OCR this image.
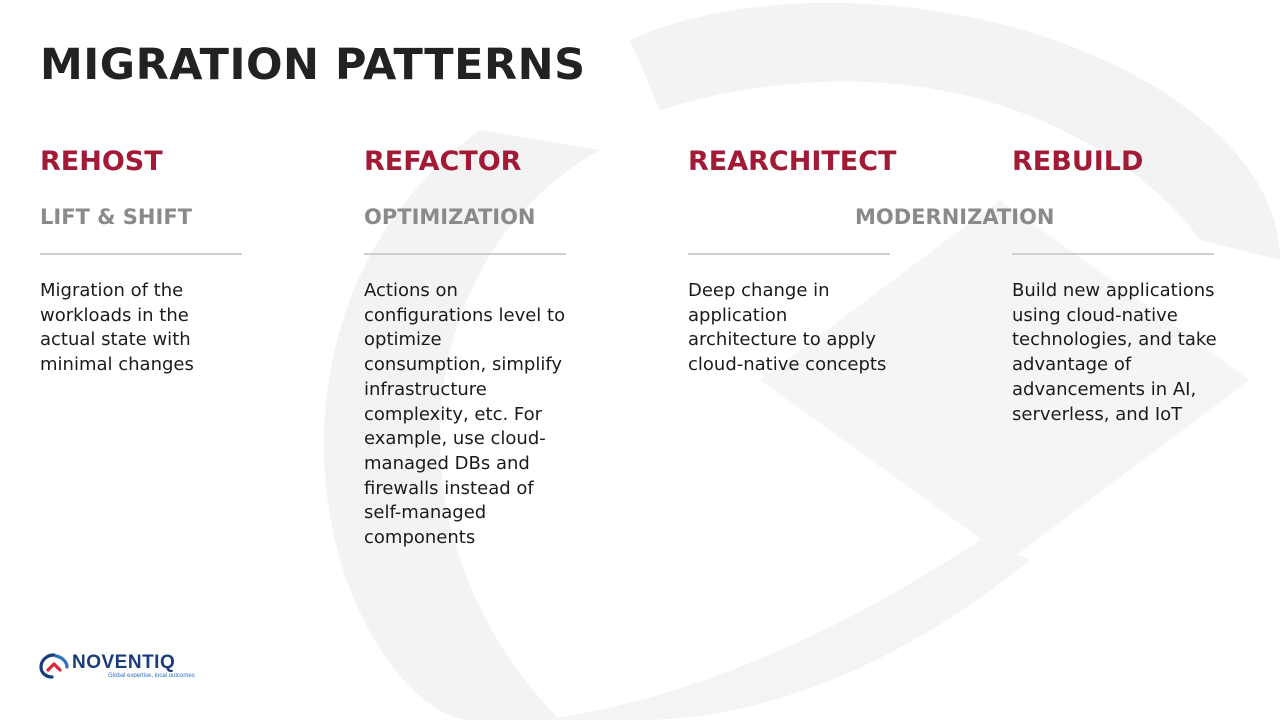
MIGRATION PATTERNS
REHOST
LIFT & SHIFT

Migration of the workloads in the actual state with minimal changes

REFACTOR
OPTIMIZATION

Actions on configurations level to optimize consumption, simplify infrastructure complexity, etc. For example, use cloud-managed DBs and firewalls instead of self-managed components

REARCHITECT

Deep change in application architecture to apply cloud-native concepts

MODERNIZATION
REBUILD

Build new applications using cloud-native technologies, and take advantage of advancements in AI, serverless, and IoT

NOVENTIQ
Global expertise, local outcomes
